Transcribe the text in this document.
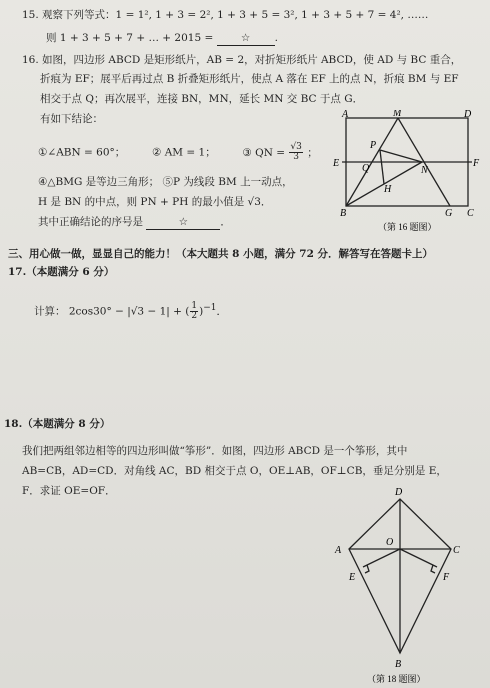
15. 观察下列等式：1 = 1², 1 + 3 = 2², 1 + 3 + 5 = 3², 1 + 3 + 5 + 7 = 4², ……
则 1 + 3 + 5 + 7 + … + 2015 =	☆ .
16. 如图，四边形 ABCD 是矩形纸片，AB = 2，对折矩形纸片 ABCD，使 AD 与 BC 重合，
折痕为 EF；展平后再过点 B 折叠矩形纸片，使点 A 落在 EF 上的点 N，折痕 BM 与 EF
相交于点 Q；再次展平，连接 BN，MN，延长 MN 交 BC 于点 G．
有如下结论：
①∠ABN = 60°；	② AM = 1；	③ QN = $\frac{√3}{3}$ ；
④△BMG 是等边三角形； ⑤P 为线段 BM 上一动点，
H 是 BN 的中点，则 PN + PH 的最小值是 √3．
其中正确结论的序号是	☆	．
A	M	D
E	F
P
Q	N
H
B	G C
（第 16 题图）
三、用心做一做，显显自己的能力！（本大题共 8 小题，满分 72 分．解答写在答题卡上）
17.（本题满分 6 分）
计算： 2cos30° − |√3 − 1| + ( $\frac{1}{2} )^{-1}$．
18.（本题满分 8 分）
我们把两组邻边相等的四边形叫做“筝形”．如图，四边形 ABCD 是一个筝形，其中
AB=CB，AD=CD．对角线 AC，BD 相交于点 O，OE⊥AB，OF⊥CB，垂足分别是 E，
F．求证 OE=OF．	D
A	C
O
E	F
B
（第 18 题图）
